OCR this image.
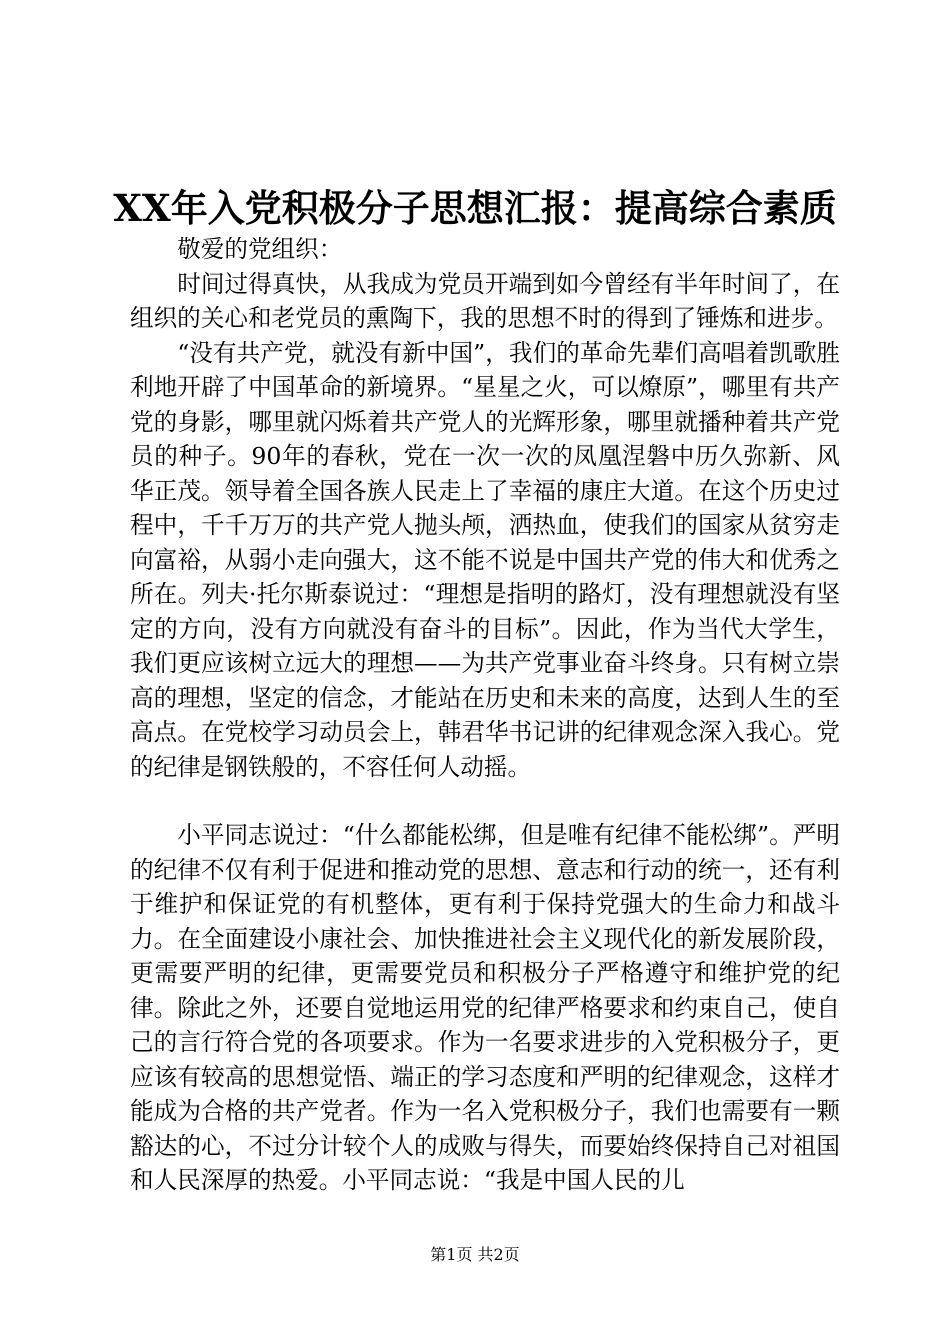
XX年入党积极分子思想汇报：提高综合素质

敬爱的党组织：

时间过得真快，从我成为党员开端到如今曾经有半年时间了，在组织的关心和老党员的熏陶下，我的思想不时的得到了锤炼和进步。

“没有共产党，就没有新中国”，我们的革命先辈们高唱着凯歌胜利地开辟了中国革命的新境界。“星星之火，可以燎原”，哪里有共产党的身影，哪里就闪烁着共产党人的光辉形象，哪里就播种着共产党员的种子。90年的春秋，党在一次一次的凤凰涅磐中历久弥新、风华正茂。领导着全国各族人民走上了幸福的康庄大道。在这个历史过程中，千千万万的共产党人抛头颅，洒热血，使我们的国家从贫穷走向富裕，从弱小走向强大，这不能不说是中国共产党的伟大和优秀之所在。列夫·托尔斯泰说过：“理想是指明的路灯，没有理想就没有坚定的方向，没有方向就没有奋斗的目标”。因此，作为当代大学生，我们更应该树立远大的理想——为共产党事业奋斗终身。只有树立崇高的理想，坚定的信念，才能站在历史和未来的高度，达到人生的至高点。在党校学习动员会上，韩君华书记讲的纪律观念深入我心。党的纪律是钢铁般的，不容任何人动摇。

小平同志说过：“什么都能松绑，但是唯有纪律不能松绑”。严明的纪律不仅有利于促进和推动党的思想、意志和行动的统一，还有利于维护和保证党的有机整体，更有利于保持党强大的生命力和战斗力。在全面建设小康社会、加快推进社会主义现代化的新发展阶段，更需要严明的纪律，更需要党员和积极分子严格遵守和维护党的纪律。除此之外，还要自觉地运用党的纪律严格要求和约束自己，使自己的言行符合党的各项要求。作为一名要求进步的入党积极分子，更应该有较高的思想觉悟、端正的学习态度和严明的纪律观念，这样才能成为合格的共产党者。作为一名入党积极分子，我们也需要有一颗豁达的心，不过分计较个人的成败与得失，而要始终保持自己对祖国和人民深厚的热爱。小平同志说：“我是中国人民的儿

第1页 共2页
